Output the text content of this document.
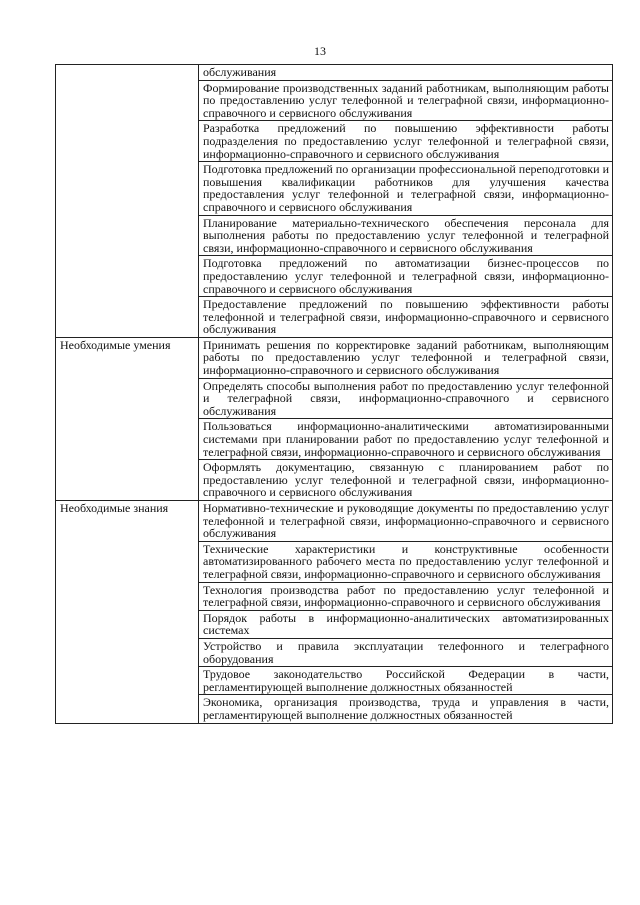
13

	обслуживания

	Формирование производственных заданий работникам, выполняющим работы по предоставлению услуг телефонной и телеграфной связи, информационно-справочного и сервисного обслуживания

	Разработка предложений по повышению эффективности работы подразделения по предоставлению услуг телефонной и телеграфной связи, информационно-справочного и сервисного обслуживания

	Подготовка предложений по организации профессиональной переподготовки и повышения квалификации работников для улучшения качества предоставления услуг телефонной и телеграфной связи, информационно-справочного и сервисного обслуживания

	Планирование материально-технического обеспечения персонала для выполнения работы по предоставлению услуг телефонной и телеграфной связи, информационно-справочного и сервисного обслуживания

	Подготовка предложений по автоматизации бизнес-процессов по предоставлению услуг телефонной и телеграфной связи, информационно-справочного и сервисного обслуживания

	Предоставление предложений по повышению эффективности работы телефонной и телеграфной связи, информационно-справочного и сервисного обслуживания

Необходимые умения	Принимать решения по корректировке заданий работникам, выполняющим работы по предоставлению услуг телефонной и телеграфной связи, информационно-справочного и сервисного обслуживания

	Определять способы выполнения работ по предоставлению услуг телефонной и телеграфной связи, информационно-справочного и сервисного обслуживания

	Пользоваться информационно-аналитическими автоматизированными системами при планировании работ по предоставлению услуг телефонной и телеграфной связи, информационно-справочного и сервисного обслуживания

	Оформлять документацию, связанную с планированием работ по предоставлению услуг телефонной и телеграфной связи, информационно-справочного и сервисного обслуживания

Необходимые знания	Нормативно-технические и руководящие документы по предоставлению услуг телефонной и телеграфной связи, информационно-справочного и сервисного обслуживания

	Технические характеристики и конструктивные особенности автоматизированного рабочего места по предоставлению услуг телефонной и телеграфной связи, информационно-справочного и сервисного обслуживания

	Технология производства работ по предоставлению услуг телефонной и телеграфной связи, информационно-справочного и сервисного обслуживания

	Порядок работы в информационно-аналитических автоматизированных системах

	Устройство и правила эксплуатации телефонного и телеграфного оборудования

	Трудовое законодательство Российской Федерации в части, регламентирующей выполнение должностных обязанностей

	Экономика, организация производства, труда и управления в части, регламентирующей выполнение должностных обязанностей
